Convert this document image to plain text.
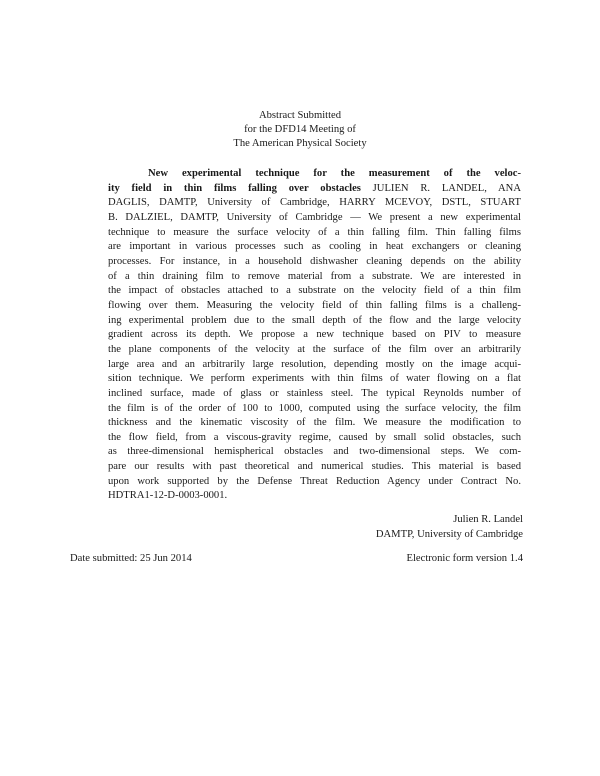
Abstract Submitted
for the DFD14 Meeting of
The American Physical Society
New experimental technique for the measurement of the veloc-
ity field in thin films falling over obstacles JULIEN R. LANDEL, ANA
DAGLIS, DAMTP, University of Cambridge, HARRY MCEVOY, DSTL, STUART
B. DALZIEL, DAMTP, University of Cambridge — We present a new experimental
technique to measure the surface velocity of a thin falling film. Thin falling films
are important in various processes such as cooling in heat exchangers or cleaning
processes. For instance, in a household dishwasher cleaning depends on the ability
of a thin draining film to remove material from a substrate. We are interested in
the impact of obstacles attached to a substrate on the velocity field of a thin film
flowing over them. Measuring the velocity field of thin falling films is a challeng-
ing experimental problem due to the small depth of the flow and the large velocity
gradient across its depth. We propose a new technique based on PIV to measure
the plane components of the velocity at the surface of the film over an arbitrarily
large area and an arbitrarily large resolution, depending mostly on the image acqui-
sition technique. We perform experiments with thin films of water flowing on a flat
inclined surface, made of glass or stainless steel. The typical Reynolds number of
the film is of the order of 100 to 1000, computed using the surface velocity, the film
thickness and the kinematic viscosity of the film. We measure the modification to
the flow field, from a viscous-gravity regime, caused by small solid obstacles, such
as three-dimensional hemispherical obstacles and two-dimensional steps. We com-
pare our results with past theoretical and numerical studies. This material is based
upon work supported by the Defense Threat Reduction Agency under Contract No.
HDTRA1-12-D-0003-0001.
Julien R. Landel
DAMTP, University of Cambridge
Date submitted: 25 Jun 2014	Electronic form version 1.4
